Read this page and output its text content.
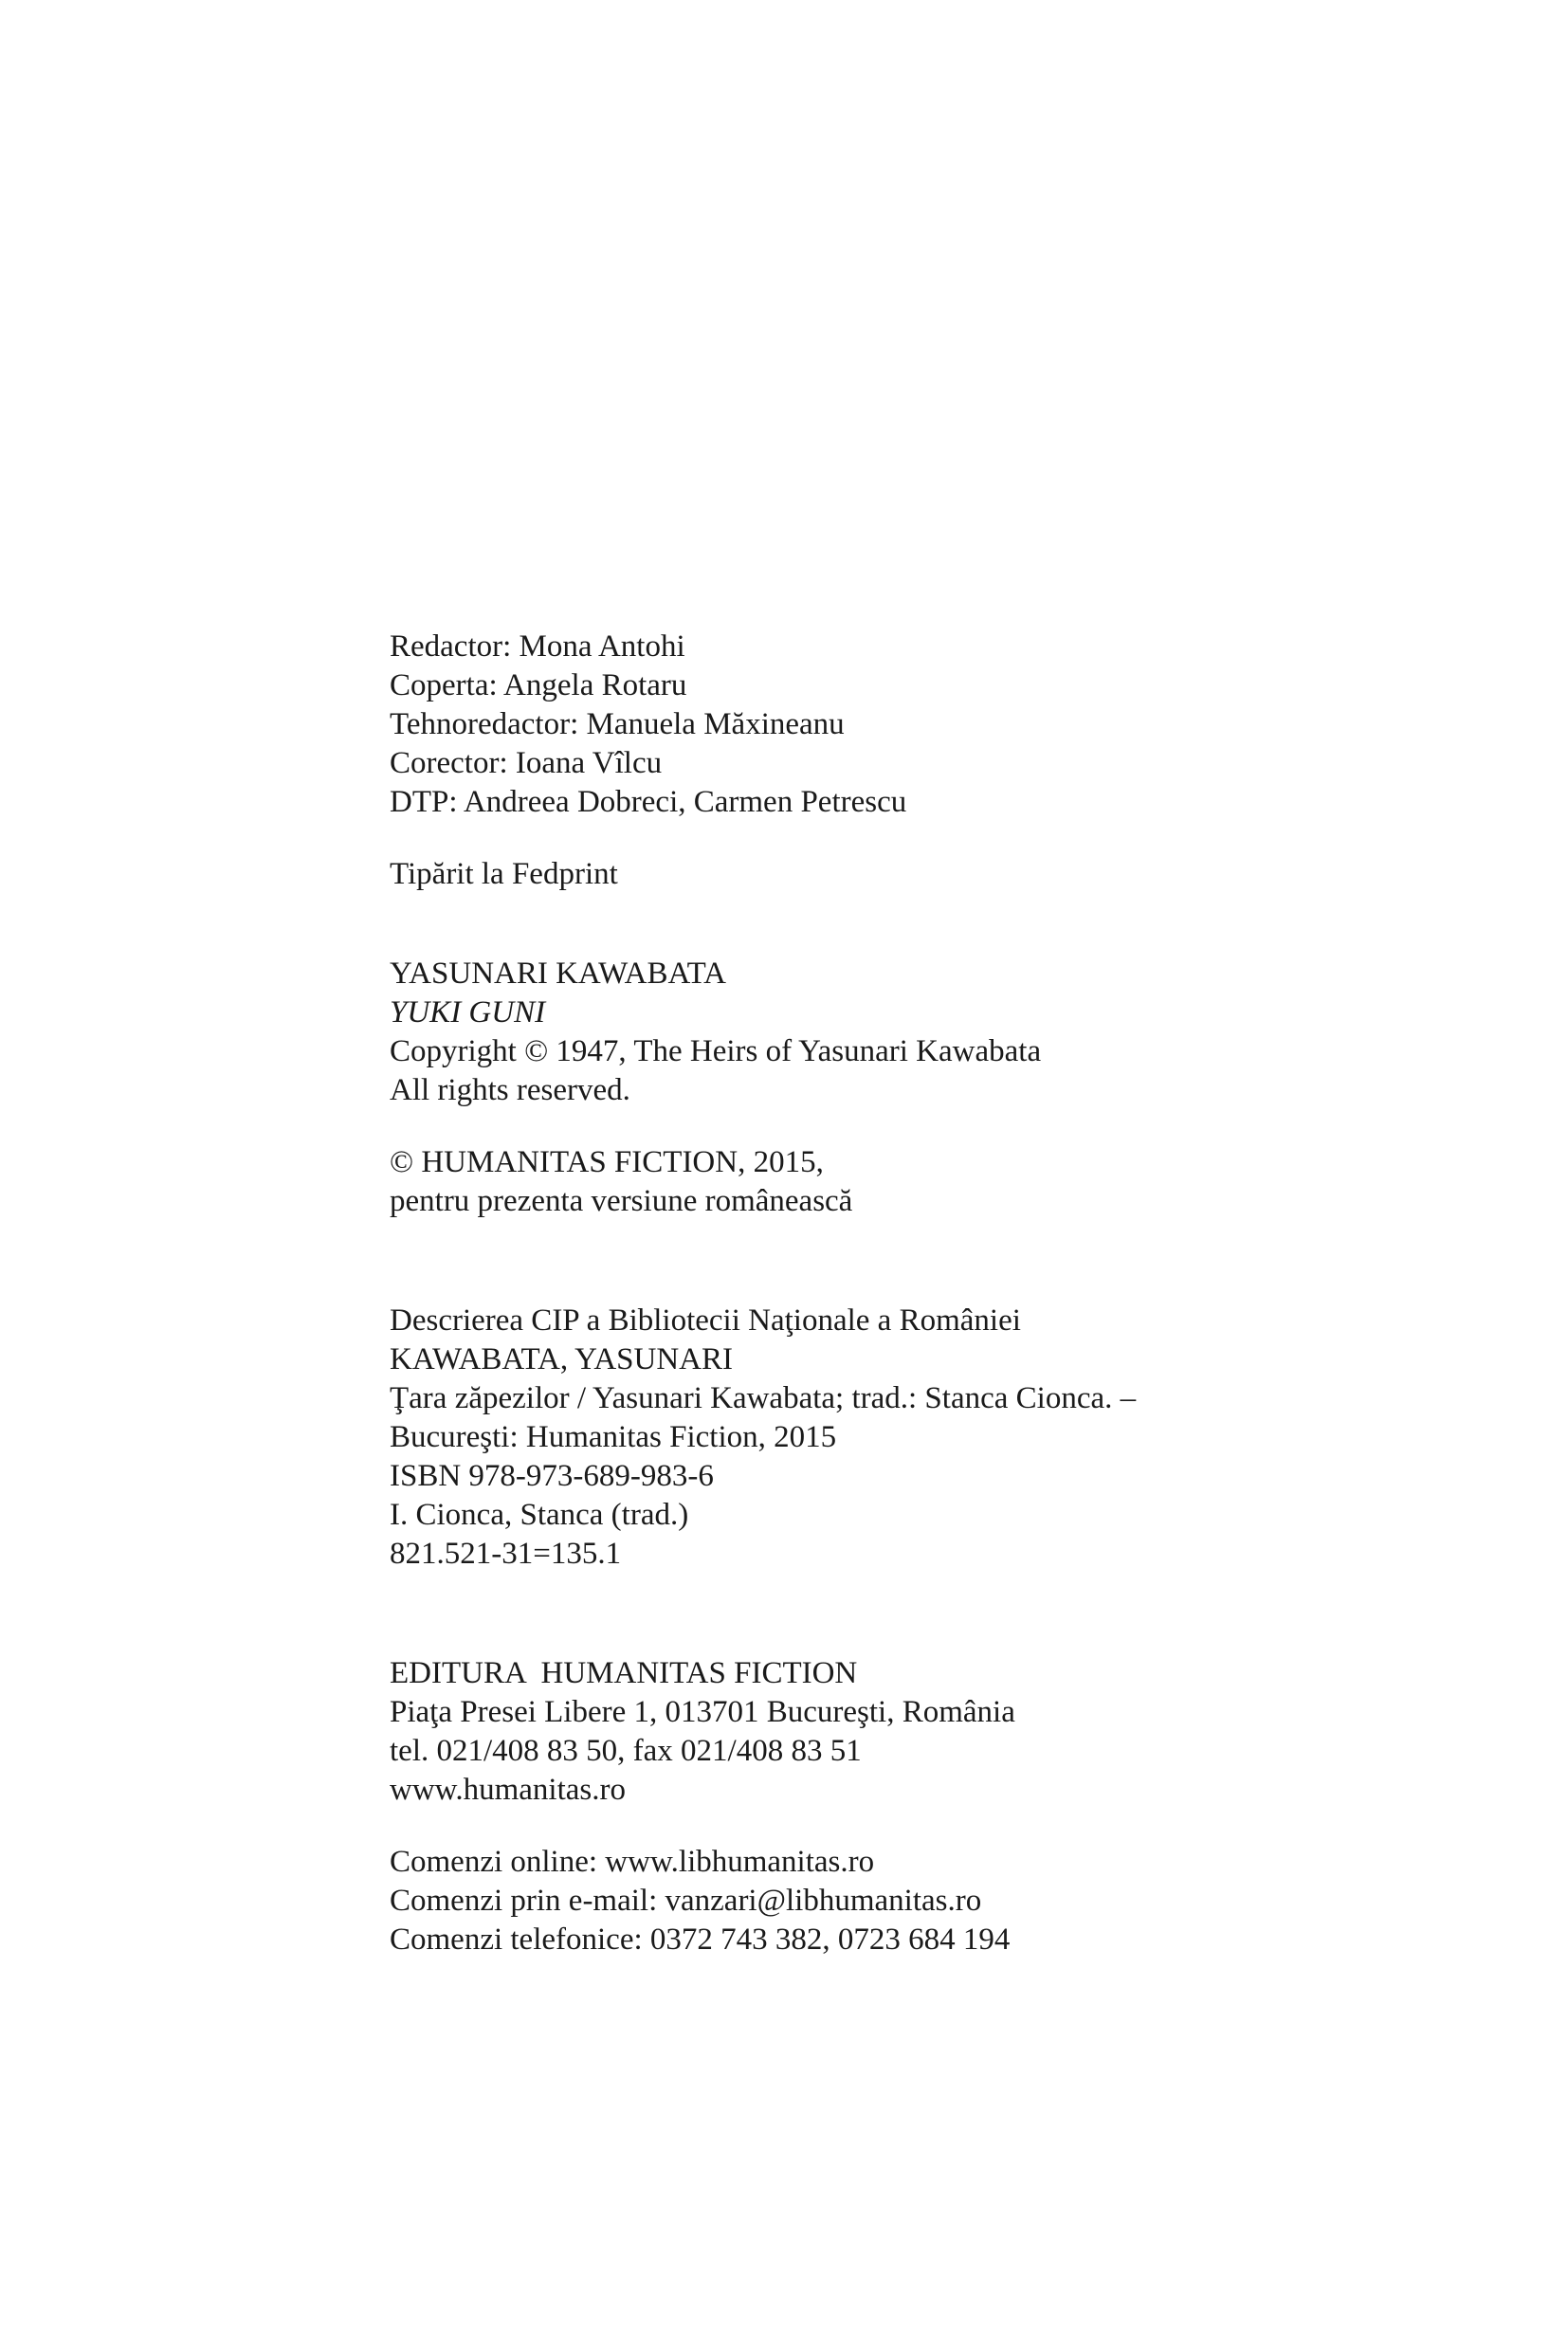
Redactor: Mona Antohi
Coperta: Angela Rotaru
Tehnoredactor: Manuela Măxineanu
Corector: Ioana Vîlcu
DTP: Andreea Dobreci, Carmen Petrescu
Tipărit la Fedprint
YASUNARI KAWABATA
YUKI GUNI
Copyright © 1947, The Heirs of Yasunari Kawabata
All rights reserved.
© HUMANITAS FICTION, 2015,
pentru prezenta versiune românească
Descrierea CIP a Bibliotecii Naţionale a României
KAWABATA, YASUNARI
Ţara zăpezilor / Yasunari Kawabata; trad.: Stanca Cionca. –
Bucureşti: Humanitas Fiction, 2015
ISBN 978-973-689-983-6
I. Cionca, Stanca (trad.)
821.521-31=135.1
EDITURA  HUMANITAS FICTION
Piaţa Presei Libere 1, 013701 Bucureşti, România
tel. 021/408 83 50, fax 021/408 83 51
www.humanitas.ro
Comenzi online: www.libhumanitas.ro
Comenzi prin e-mail: vanzari@libhumanitas.ro
Comenzi telefonice: 0372 743 382, 0723 684 194
